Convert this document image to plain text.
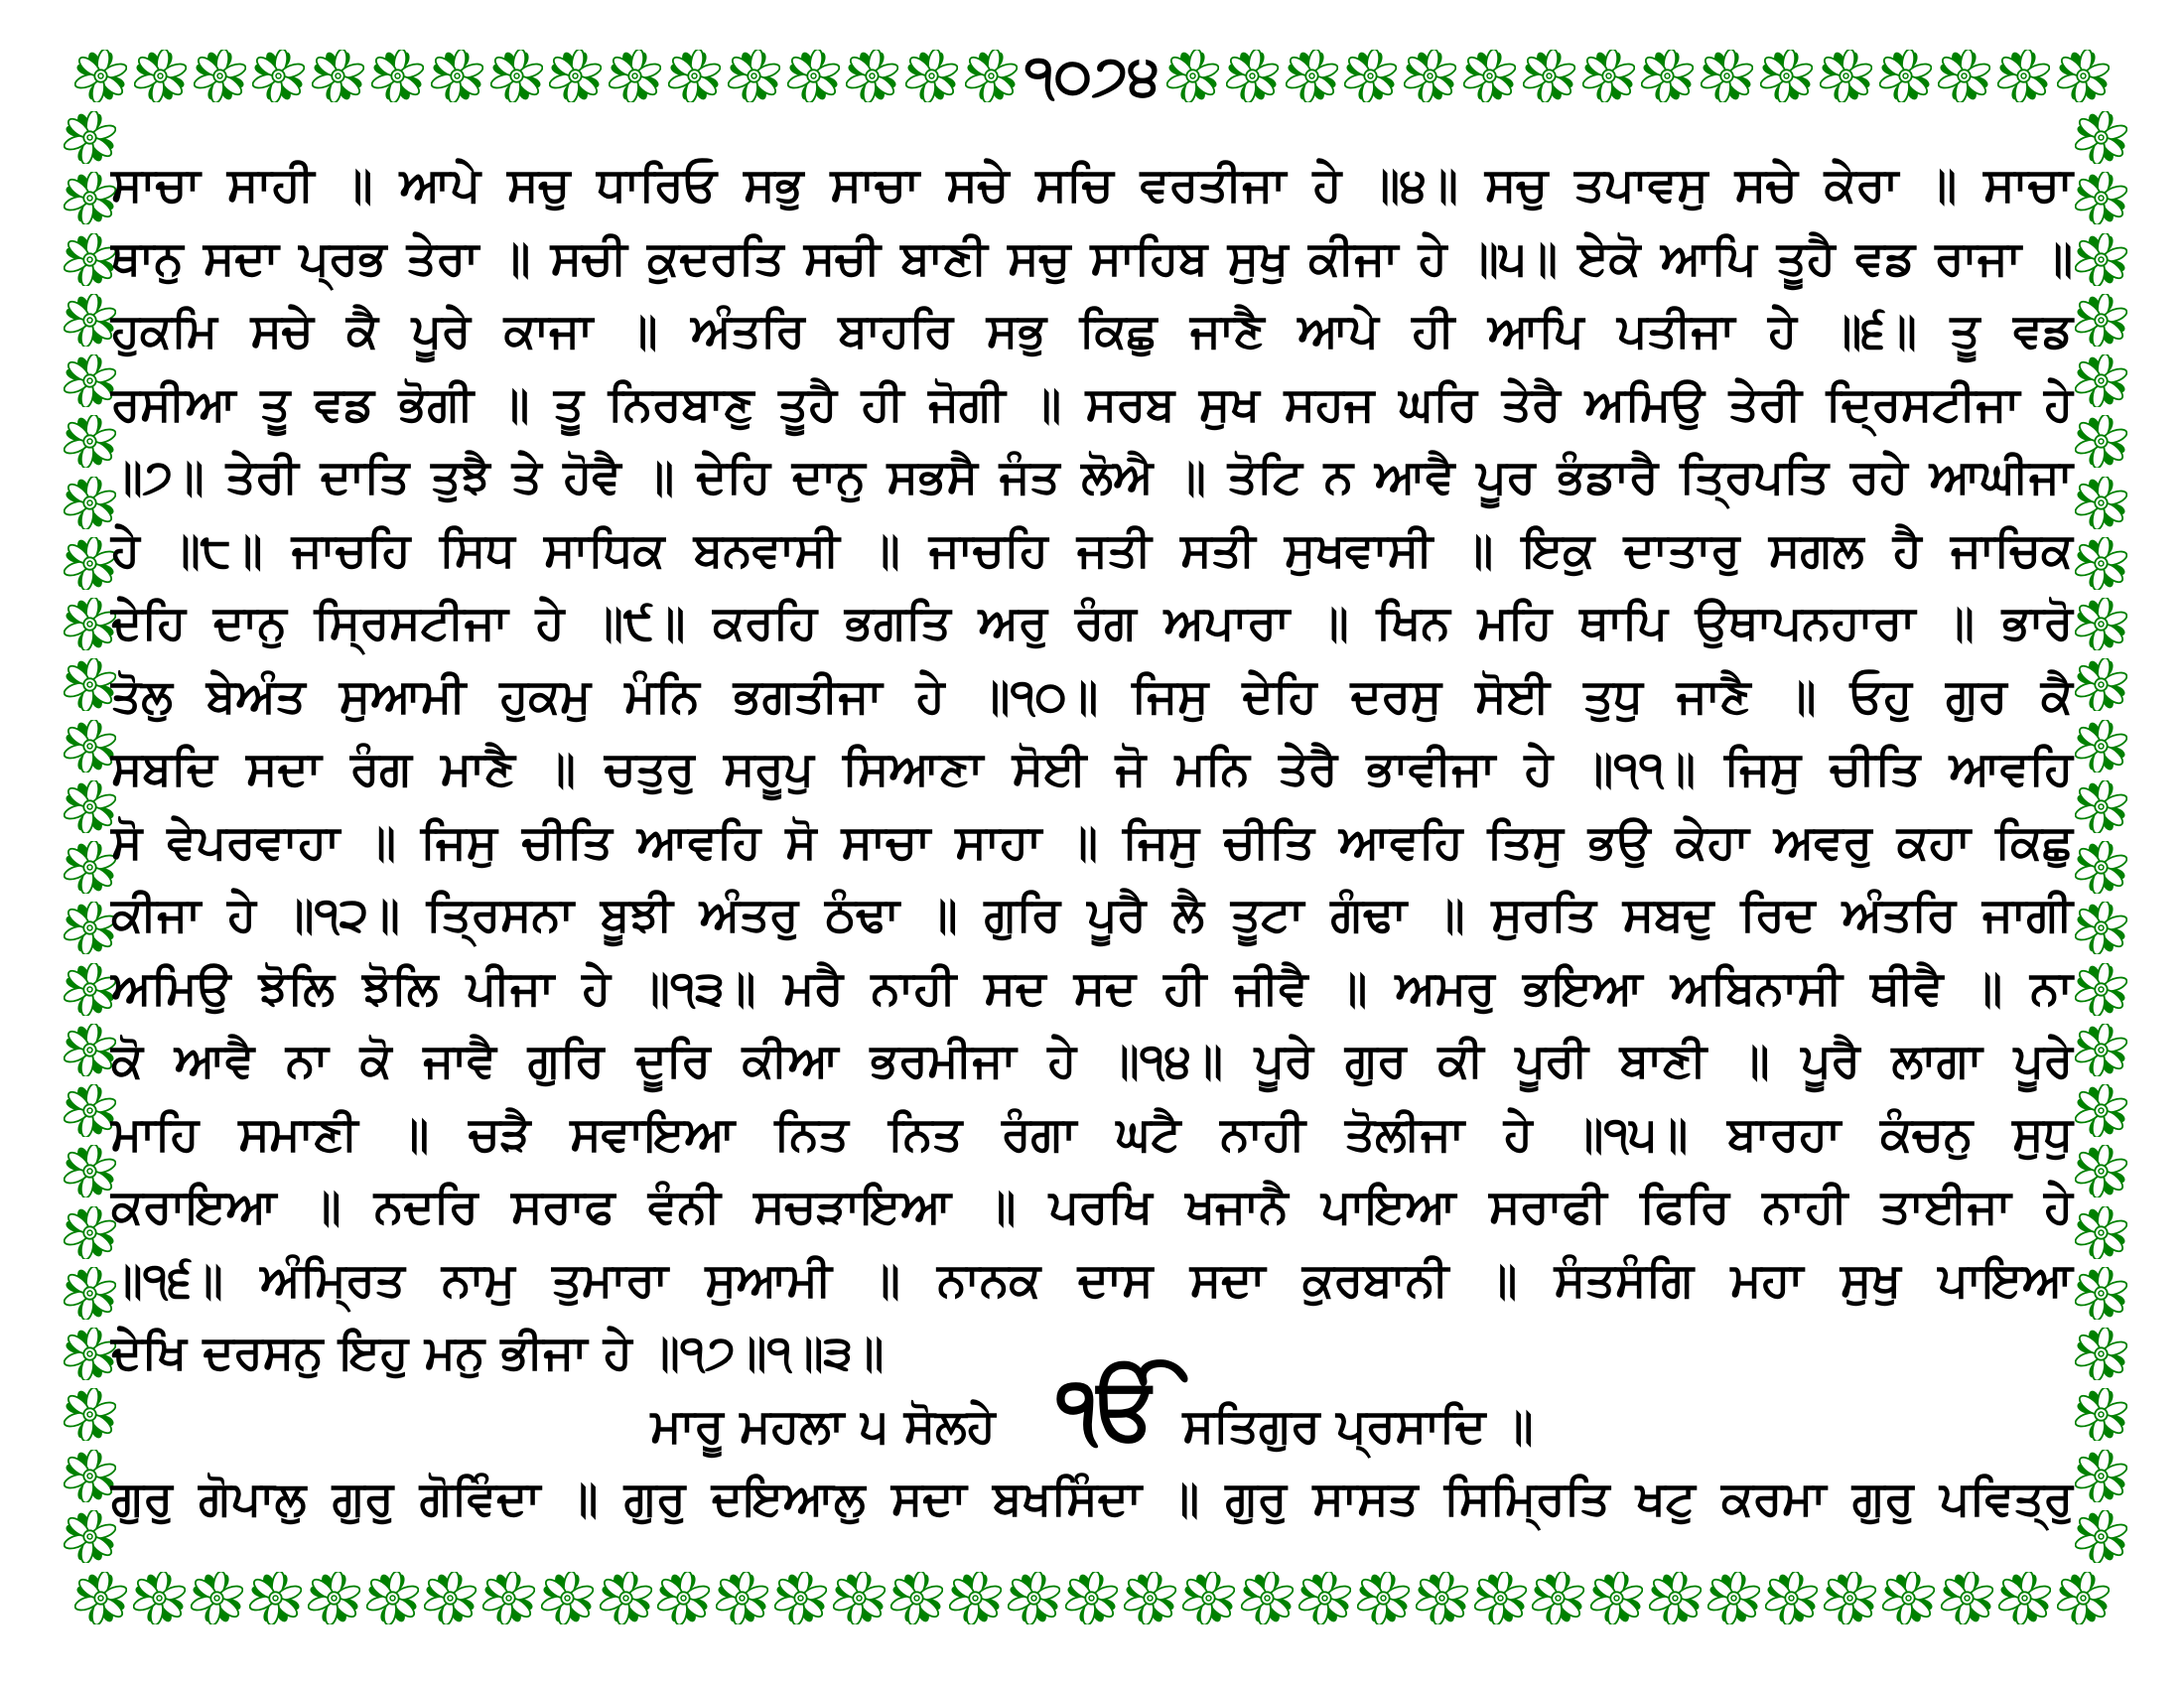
੧੦੭੪
ਸਾਚਾ ਸਾਹੀ ॥ ਆਪੇ ਸਚੁ ਧਾਰਿਓ ਸਭੁ ਸਾਚਾ ਸਚੇ ਸਚਿ ਵਰਤੀਜਾ ਹੇ ॥੪॥ ਸਚੁ ਤਪਾਵਸੁ ਸਚੇ ਕੇਰਾ ॥ ਸਾਚਾ
ਥਾਨੁ ਸਦਾ ਪ੍ਰਭ ਤੇਰਾ ॥ ਸਚੀ ਕੁਦਰਤਿ ਸਚੀ ਬਾਣੀ ਸਚੁ ਸਾਹਿਬ ਸੁਖੁ ਕੀਜਾ ਹੇ ॥੫॥ ਏਕੋ ਆਪਿ ਤੂਹੈ ਵਡ ਰਾਜਾ ॥
ਹੁਕਮਿ ਸਚੇ ਕੈ ਪੂਰੇ ਕਾਜਾ ॥ ਅੰਤਰਿ ਬਾਹਰਿ ਸਭੁ ਕਿਛੁ ਜਾਣੈ ਆਪੇ ਹੀ ਆਪਿ ਪਤੀਜਾ ਹੇ ॥੬॥ ਤੂ ਵਡ
ਰਸੀਆ ਤੂ ਵਡ ਭੋਗੀ ॥ ਤੂ ਨਿਰਬਾਣੁ ਤੂਹੈ ਹੀ ਜੋਗੀ ॥ ਸਰਬ ਸੁਖ ਸਹਜ ਘਰਿ ਤੇਰੈ ਅਮਿਉ ਤੇਰੀ ਦ੍ਰਿਸਟੀਜਾ ਹੇ
॥੭॥ ਤੇਰੀ ਦਾਤਿ ਤੁਝੈ ਤੇ ਹੋਵੈ ॥ ਦੇਹਿ ਦਾਨੁ ਸਭਸੈ ਜੰਤ ਲੋਐ ॥ ਤੋਟਿ ਨ ਆਵੈ ਪੂਰ ਭੰਡਾਰੈ ਤ੍ਰਿਪਤਿ ਰਹੇ ਆਘੀਜਾ
ਹੇ ॥੮॥ ਜਾਚਹਿ ਸਿਧ ਸਾਧਿਕ ਬਨਵਾਸੀ ॥ ਜਾਚਹਿ ਜਤੀ ਸਤੀ ਸੁਖਵਾਸੀ ॥ ਇਕੁ ਦਾਤਾਰੁ ਸਗਲ ਹੈ ਜਾਚਿਕ
ਦੇਹਿ ਦਾਨੁ ਸ੍ਰਿਸਟੀਜਾ ਹੇ ॥੯॥ ਕਰਹਿ ਭਗਤਿ ਅਰੁ ਰੰਗ ਅਪਾਰਾ ॥ ਖਿਨ ਮਹਿ ਥਾਪਿ ਉਥਾਪਨਹਾਰਾ ॥ ਭਾਰੋ
ਤੋਲੁ ਬੇਅੰਤ ਸੁਆਮੀ ਹੁਕਮੁ ਮੰਨਿ ਭਗਤੀਜਾ ਹੇ ॥੧੦॥ ਜਿਸੁ ਦੇਹਿ ਦਰਸੁ ਸੋਈ ਤੁਧੁ ਜਾਣੈ ॥ ਓਹੁ ਗੁਰ ਕੈ
ਸਬਦਿ ਸਦਾ ਰੰਗ ਮਾਣੈ ॥ ਚਤੁਰੁ ਸਰੂਪੁ ਸਿਆਣਾ ਸੋਈ ਜੋ ਮਨਿ ਤੇਰੈ ਭਾਵੀਜਾ ਹੇ ॥੧੧॥ ਜਿਸੁ ਚੀਤਿ ਆਵਹਿ
ਸੋ ਵੇਪਰਵਾਹਾ ॥ ਜਿਸੁ ਚੀਤਿ ਆਵਹਿ ਸੋ ਸਾਚਾ ਸਾਹਾ ॥ ਜਿਸੁ ਚੀਤਿ ਆਵਹਿ ਤਿਸੁ ਭਉ ਕੇਹਾ ਅਵਰੁ ਕਹਾ ਕਿਛੁ
ਕੀਜਾ ਹੇ ॥੧੨॥ ਤ੍ਰਿਸਨਾ ਬੂਝੀ ਅੰਤਰੁ ਠੰਢਾ ॥ ਗੁਰਿ ਪੂਰੈ ਲੈ ਤੂਟਾ ਗੰਢਾ ॥ ਸੁਰਤਿ ਸਬਦੁ ਰਿਦ ਅੰਤਰਿ ਜਾਗੀ
ਅਮਿਉ ਝੋਲਿ ਝੋਲਿ ਪੀਜਾ ਹੇ ॥੧੩॥ ਮਰੈ ਨਾਹੀ ਸਦ ਸਦ ਹੀ ਜੀਵੈ ॥ ਅਮਰੁ ਭਇਆ ਅਬਿਨਾਸੀ ਥੀਵੈ ॥ ਨਾ
ਕੋ ਆਵੈ ਨਾ ਕੋ ਜਾਵੈ ਗੁਰਿ ਦੂਰਿ ਕੀਆ ਭਰਮੀਜਾ ਹੇ ॥੧੪॥ ਪੂਰੇ ਗੁਰ ਕੀ ਪੂਰੀ ਬਾਣੀ ॥ ਪੂਰੈ ਲਾਗਾ ਪੂਰੇ
ਮਾਹਿ ਸਮਾਣੀ ॥ ਚੜੈ ਸਵਾਇਆ ਨਿਤ ਨਿਤ ਰੰਗਾ ਘਟੈ ਨਾਹੀ ਤੋਲੀਜਾ ਹੇ ॥੧੫॥ ਬਾਰਹਾ ਕੰਚਨੁ ਸੁਧੁ
ਕਰਾਇਆ ॥ ਨਦਰਿ ਸਰਾਫ ਵੰਨੀ ਸਚੜਾਇਆ ॥ ਪਰਖਿ ਖਜਾਨੈ ਪਾਇਆ ਸਰਾਫੀ ਫਿਰਿ ਨਾਹੀ ਤਾਈਜਾ ਹੇ
॥੧੬॥ ਅੰਮ੍ਰਿਤ ਨਾਮੁ ਤੁਮਾਰਾ ਸੁਆਮੀ ॥ ਨਾਨਕ ਦਾਸ ਸਦਾ ਕੁਰਬਾਨੀ ॥ ਸੰਤਸੰਗਿ ਮਹਾ ਸੁਖੁ ਪਾਇਆ
ਦੇਖਿ ਦਰਸਨੁ ਇਹੁ ਮਨੁ ਭੀਜਾ ਹੇ ॥੧੭॥੧॥੩॥
ਮਾਰੂ ਮਹਲਾ ੫ ਸੋਲਹੇ ੴ ਸਤਿਗੁਰ ਪ੍ਰਸਾਦਿ ॥
ਗੁਰੁ ਗੋਪਾਲੁ ਗੁਰੁ ਗੋਵਿੰਦਾ ॥ ਗੁਰੁ ਦਇਆਲੁ ਸਦਾ ਬਖਸਿੰਦਾ ॥ ਗੁਰੁ ਸਾਸਤ ਸਿਮ੍ਰਿਤਿ ਖਟੁ ਕਰਮਾ ਗੁਰੁ ਪਵਿਤ੍ਰੁ
